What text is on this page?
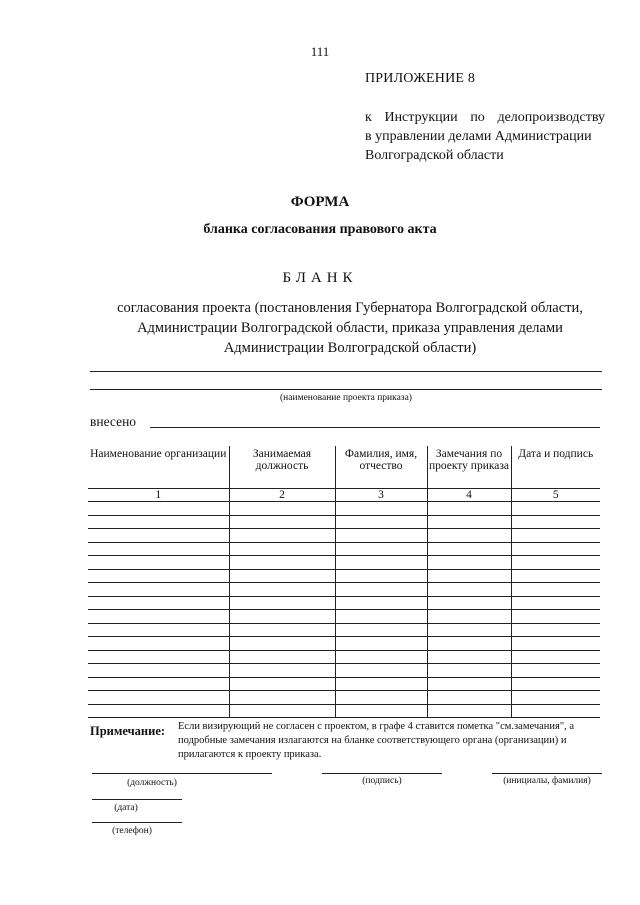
111
ПРИЛОЖЕНИЕ 8
к Инструкции по делопроизводству
в управлении делами Администрации
Волгоградской области
ФОРМА
бланка согласования правового акта
БЛАНК
согласования проекта (постановления Губернатора Волгоградской области,
Администрации Волгоградской области, приказа управления делами
Администрации Волгоградской области)
(наименование проекта приказа)
внесено
Наименование организации	Занимаемая должность	Фамилия, имя, отчество	Замечания по проекту приказа	Дата и подпись
1	2	3	4	5

Примечание: Если визирующий не согласен с проектом, в графе 4 ставится пометка "см.замечания", а подробные замечания излагаются на бланке соответствующего органа (организации) и прилагаются к проекту приказа.
(должность)	(подпись)	(инициалы, фамилия)
(дата)
(телефон)
